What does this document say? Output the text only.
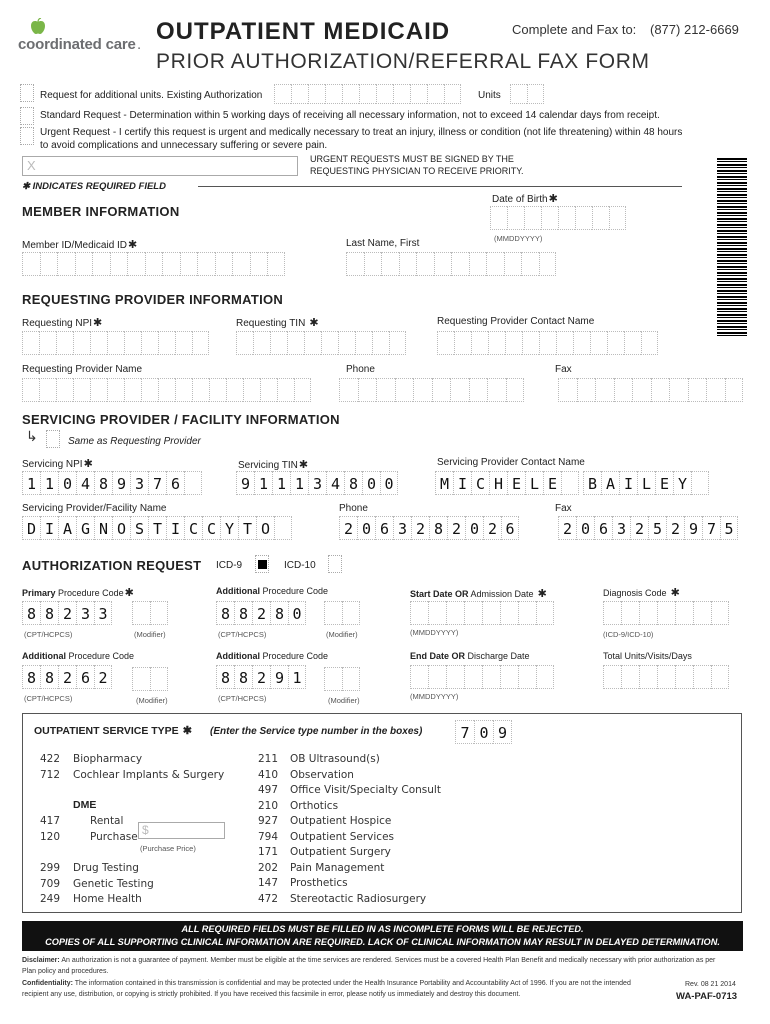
coordinated care . OUTPATIENT MEDICAID	Complete and Fax to: (877) 212-6669
PRIOR AUTHORIZATION/REFERRAL FAX FORM
Request for additional units. Existing Authorization	Units
Standard Request - Determination within 5 working days of receiving all necessary information, not to exceed 14 calendar days from receipt.
Urgent Request - I certify this request is urgent and medically necessary to treat an injury, illness or condition (not life threatening) within 48 hours
to avoid complications and unnecessary suffering or severe pain.
X	URGENT REQUESTS MUST BE SIGNED BY THE
REQUESTING PHYSICIAN TO RECEIVE PRIORITY.
✱ INDICATES REQUIRED FIELD
MEMBER INFORMATION
Date of Birth✱
(MMDDYYYY)
Member ID/Medicaid ID✱	Last Name, First
REQUESTING PROVIDER INFORMATION
Requesting NPI✱	Requesting TIN ✱	Requesting Provider Contact Name
Requesting Provider Name	Phone	Fax
SERVICING PROVIDER / FACILITY INFORMATION
↳	Same as Requesting Provider
Servicing NPI✱	Servicing TIN✱	Servicing Provider Contact Name
1 1 0 4 8 9 3 7 6	9 1 1 1 3 4 8 0 0	M I C H E L E	B A I L E Y
Servicing Provider/Facility Name	Phone	Fax
D I A G N O S T I C C Y T O	2 0 6 3 2 8 2 0 2 6	2 0 6 3 2 5 2 9 7 5
AUTHORIZATION REQUEST ICD-9	ICD-10
Primary Procedure Code✱	Additional Procedure Code	Start Date OR Admission Date ✱	Diagnosis Code ✱
8 8 2 3 3	8 8 2 8 0
(CPT/HCPCS)	(Modifier)	(CPT/HCPCS)	(Modifier)	(MMDDYYYY)	(ICD-9/ICD-10)
Additional Procedure Code	Additional Procedure Code	End Date OR Discharge Date	Total Units/Visits/Days
8 8 2 6 2	8 8 2 9 1
(CPT/HCPCS)	(Modifier)	(CPT/HCPCS)	(Modifier)	(MMDDYYYY)
OUTPATIENT SERVICE TYPE ✱ (Enter the Service type number in the boxes)	7 0 9
422 Biopharmacy
712 Cochlear Implants & Surgery
DME
417	Rental
120	Purchase $
(Purchase Price)
299 Drug Testing
709 Genetic Testing
249 Home Health
211 OB Ultrasound(s)
410 Observation
497 Office Visit/Specialty Consult
210 Orthotics
927 Outpatient Hospice
794 Outpatient Services
171 Outpatient Surgery
202 Pain Management
147 Prosthetics
472 Stereotactic Radiosurgery
ALL REQUIRED FIELDS MUST BE FILLED IN AS INCOMPLETE FORMS WILL BE REJECTED.
COPIES OF ALL SUPPORTING CLINICAL INFORMATION ARE REQUIRED. LACK OF CLINICAL INFORMATION MAY RESULT IN DELAYED DETERMINATION.
Disclaimer: An authorization is not a guarantee of payment. Member must be eligible at the time services are rendered. Services must be a covered Health Plan Benefit and medically necessary with prior authorization as per Plan policy and procedures.
Confidentiality: The information contained in this transmission is confidential and may be protected under the Health Insurance Portability and Accountability Act of 1996. If you are not the intended recipient any use, distribution, or copying is strictly prohibited. If you have received this facsimile in error, please notify us immediately and destroy this document.
Rev. 08 21 2014
WA-PAF-0713
